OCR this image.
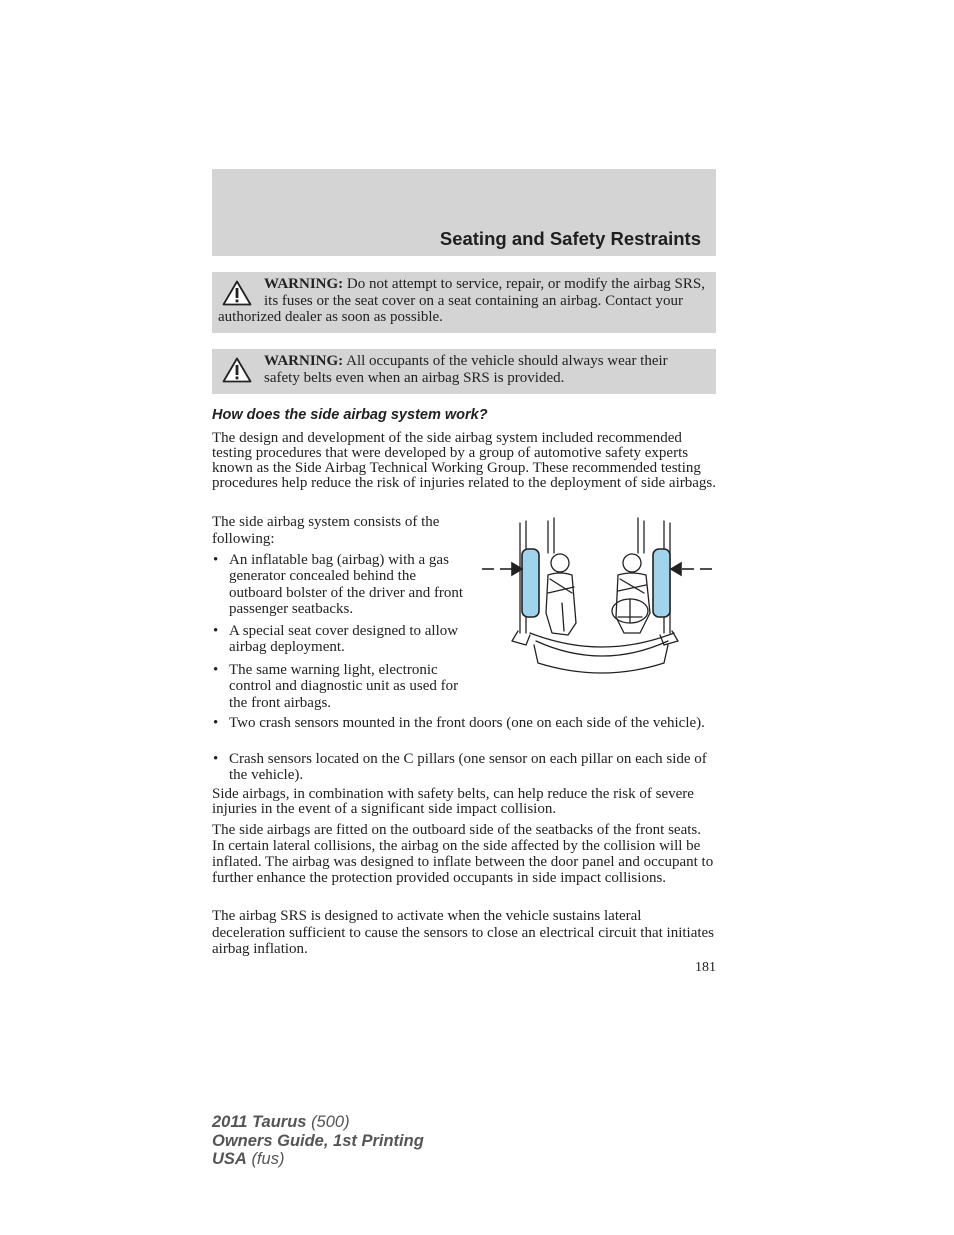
Seating and Safety Restraints
WARNING: Do not attempt to service, repair, or modify the airbag SRS, its fuses or the seat cover on a seat containing an airbag. Contact your authorized dealer as soon as possible.
WARNING: All occupants of the vehicle should always wear their safety belts even when an airbag SRS is provided.
How does the side airbag system work?

The design and development of the side airbag system included recommended testing procedures that were developed by a group of automotive safety experts known as the Side Airbag Technical Working Group. These recommended testing procedures help reduce the risk of injuries related to the deployment of side airbags.

The side airbag system consists of the following:

• An inflatable bag (airbag) with a gas generator concealed behind the outboard bolster of the driver and front passenger seatbacks.
• A special seat cover designed to allow airbag deployment.
• The same warning light, electronic control and diagnostic unit as used for the front airbags.
• Two crash sensors mounted in the front doors (one on each side of the vehicle).
• Crash sensors located on the C pillars (one sensor on each pillar on each side of the vehicle).

Side airbags, in combination with safety belts, can help reduce the risk of severe injuries in the event of a significant side impact collision.

The side airbags are fitted on the outboard side of the seatbacks of the front seats. In certain lateral collisions, the airbag on the side affected by the collision will be inflated. The airbag was designed to inflate between the door panel and occupant to further enhance the protection provided occupants in side impact collisions.

The airbag SRS is designed to activate when the vehicle sustains lateral deceleration sufficient to cause the sensors to close an electrical circuit that initiates airbag inflation.

181
2011 Taurus (500)
Owners Guide, 1st Printing
USA (fus)
